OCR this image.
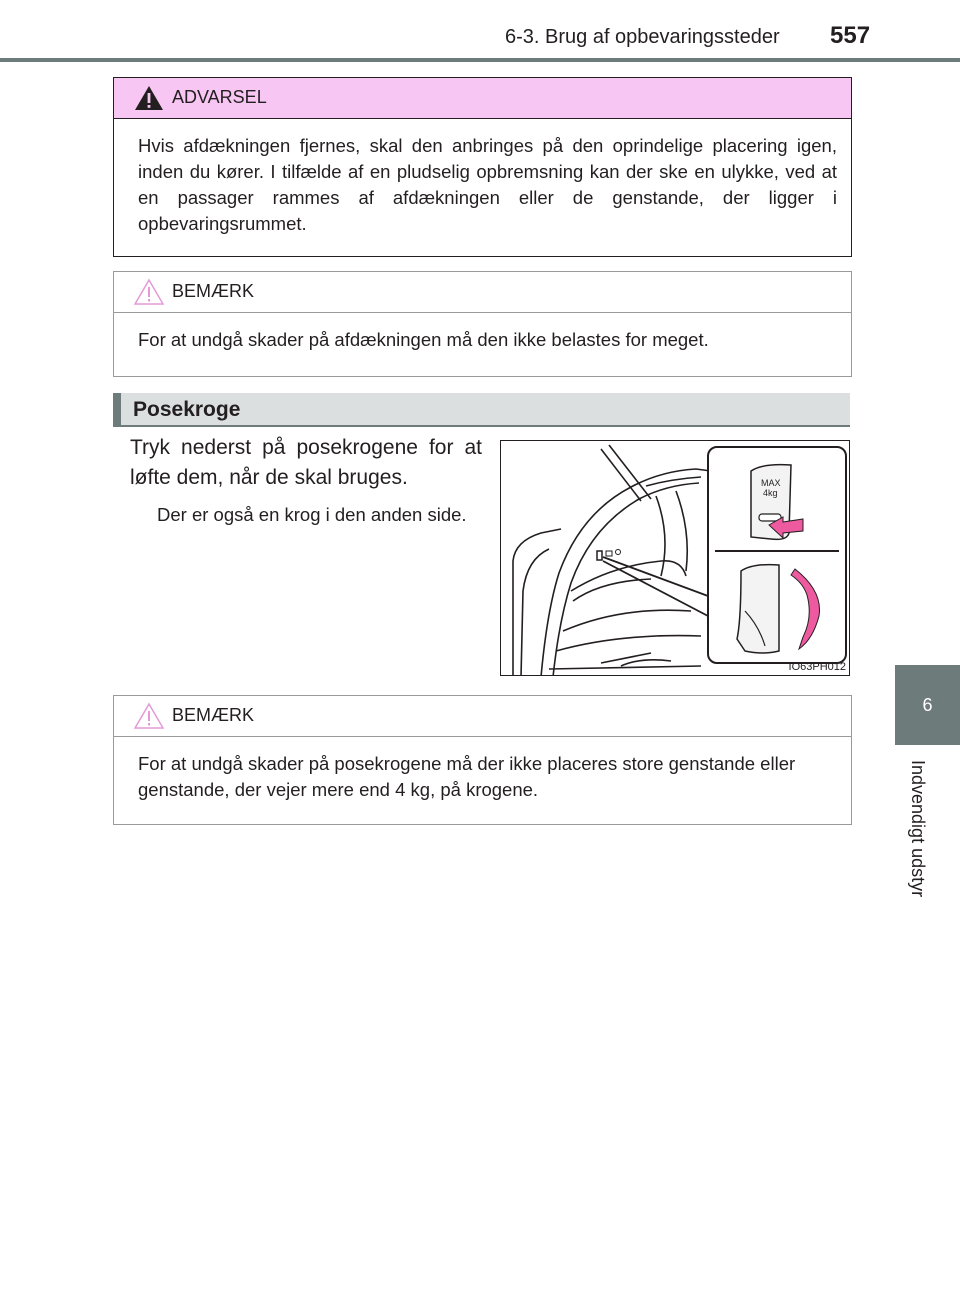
6-3. Brug af opbevaringssteder 557
6
Indvendigt udstyr
ADVARSEL
Hvis afdækningen fjernes, skal den anbringes på den oprindelige placering igen, inden du kører. I tilfælde af en pludselig opbremsning kan der ske en ulykke, ved at en passager rammes af afdækningen eller de genstande, der ligger i opbevaringsrummet.
BEMÆRK
For at undgå skader på afdækningen må den ikke belastes for meget.
Posekroge
Tryk nederst på posekrogene for at løfte dem, når de skal bruges.
Der er også en krog i den anden side.
MAX
4kg
IO63PH012
BEMÆRK
For at undgå skader på posekrogene må der ikke placeres store genstande eller genstande, der vejer mere end 4 kg, på krogene.
